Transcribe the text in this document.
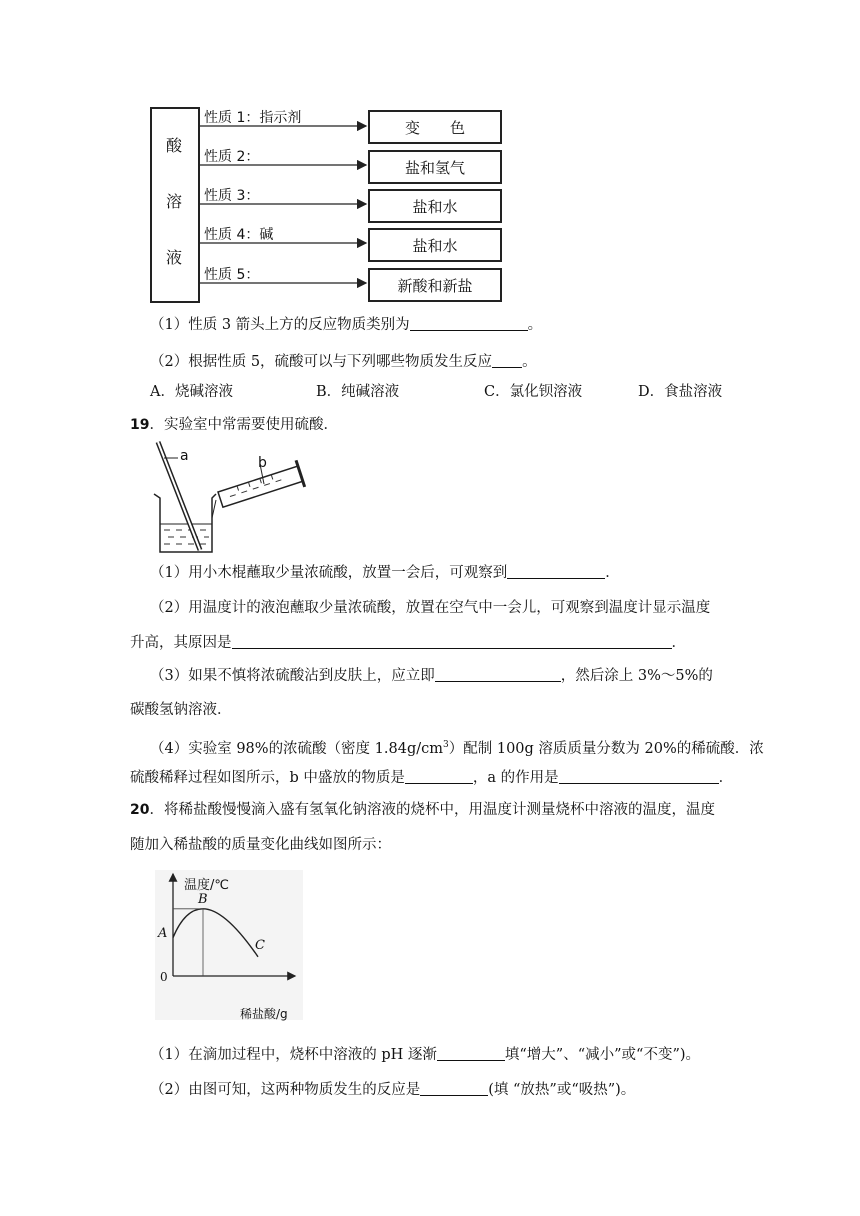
酸
溶
液
性质 1：指示剂
性质 2：
性质 3：
性质 4：碱
性质 5：
变　　色
盐和氢气
盐和水
盐和水
新酸和新盐
（1）性质 3 箭头上方的反应物质类别为	。
（2）根据性质 5，硫酸可以与下列哪些物质发生反应 。
A．烧碱溶液	B．纯碱溶液	C．氯化钡溶液	D．食盐溶液
19．实验室中常需要使用硫酸．
a	b
（1）用小木棍蘸取少量浓硫酸，放置一会后，可观察到	．
（2）用温度计的液泡蘸取少量浓硫酸，放置在空气中一会儿，可观察到温度计显示温度
升高，其原因是	．
（3）如果不慎将浓硫酸沾到皮肤上，应立即	，然后涂上 3%～5%的
碳酸氢钠溶液．
（4）实验室 98%的浓硫酸（密度 $1.84g/cm^3$）配制 100g 溶质质量分数为 20%的稀硫酸．浓
硫酸稀释过程如图所示，b 中盛放的物质是	，a 的作用是	．
20．将稀盐酸慢慢滴入盛有氢氧化钠溶液的烧杯中，用温度计测量烧杯中溶液的温度，温度
随加入稀盐酸的质量变化曲线如图所示：
温度/℃
稀盐酸/g
0
A
B
C
（1）在滴加过程中，烧杯中溶液的 pH 逐渐	填“增大”、“减小”或“不变”)。
（2）由图可知，这两种物质发生的反应是	(填 “放热”或“吸热”)。
